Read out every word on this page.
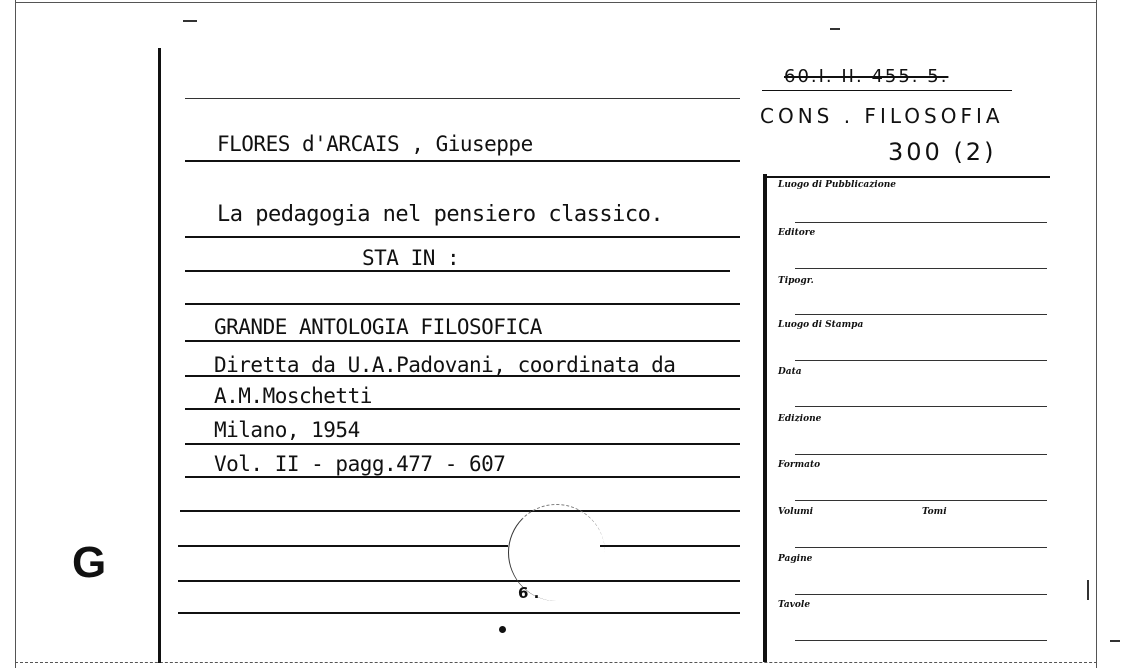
FLORES d'ARCAIS , Giuseppe
La pedagogia nel pensiero classico.
STA IN :
GRANDE ANTOLOGIA FILOSOFICA
Diretta da U.A.Padovani, coordinata da
A.M.Moschetti
Milano, 1954
Vol. II - pagg.477 - 607
G
6 .
60.I. II. 455. 5.
CONS . FILOSOFIA
300 (2)
Luogo di Pubblicazione
Editore
Tipogr.
Luogo di Stampa
Data
Edizione
Formato
Volumi	Tomi
Pagine
Tavole
